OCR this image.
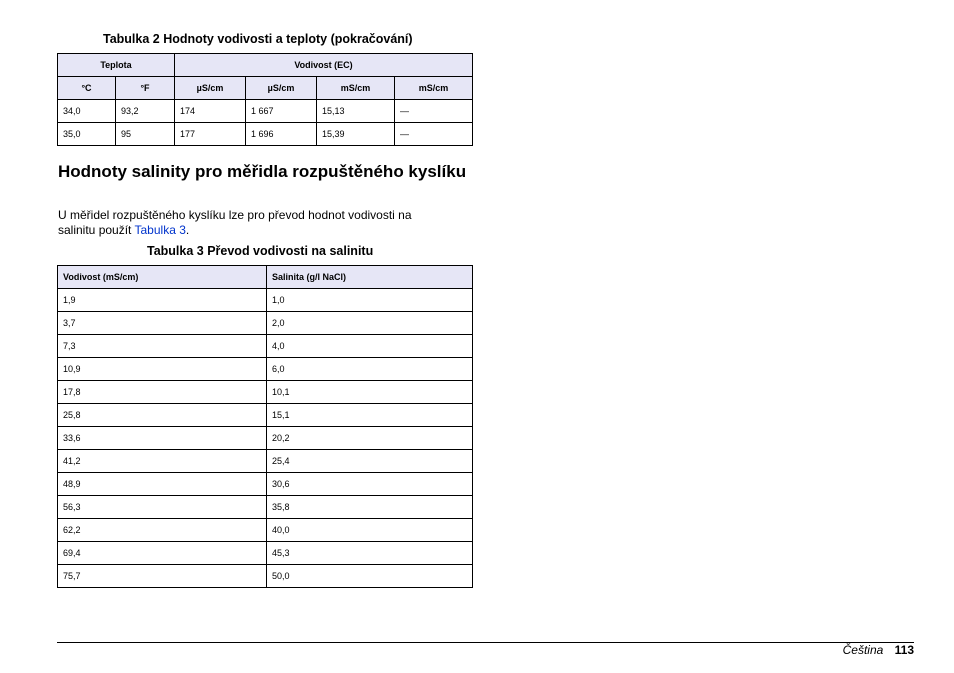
Tabulka 2 Hodnoty vodivosti a teploty (pokračování)
Teplota		Vodivost (EC)			
°C	°F	µS/cm	µS/cm	mS/cm	mS/cm
34,0	93,2	174	1 667	15,13	—
35,0	95	177	1 696	15,39	—
Hodnoty salinity pro měřidla rozpuštěného kyslíku

U měřidel rozpuštěného kyslíku lze pro převod hodnot vodivosti na salinitu použít Tabulka 3.

Tabulka 3 Převod vodivosti na salinitu
Vodivost (mS/cm)	Salinita (g/l NaCl)
1,9	1,0
3,7	2,0
7,3	4,0
10,9	6,0
17,8	10,1
25,8	15,1
33,6	20,2
41,2	25,4
48,9	30,6
56,3	35,8
62,2	40,0
69,4	45,3
75,7	50,0
Čeština 113
